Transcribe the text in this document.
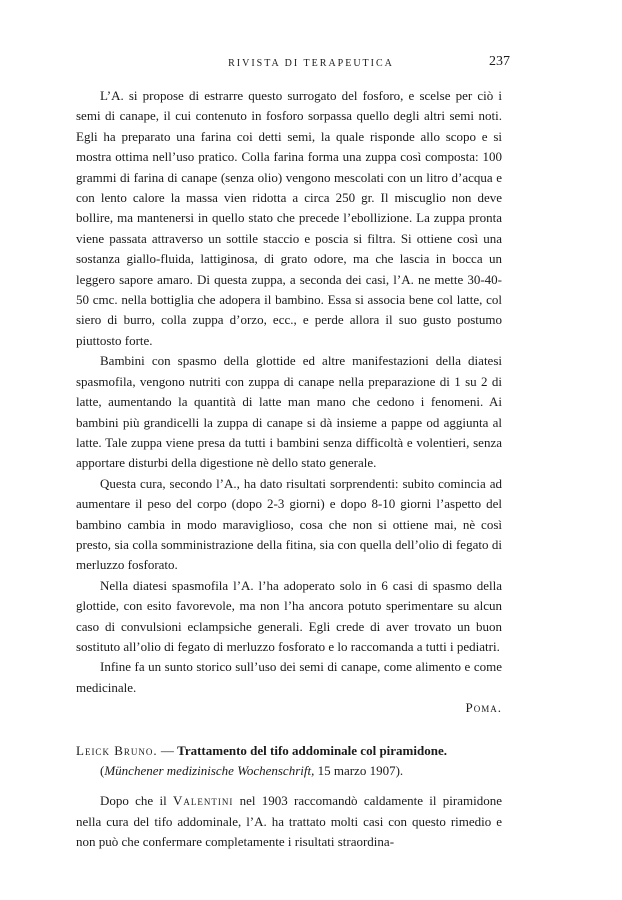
RIVISTA DI TERAPEUTICA	237

L’A. si propose di estrarre questo surrogato del fosforo, e scelse per ciò i semi di canape, il cui contenuto in fosforo sorpassa quello degli altri semi noti. Egli ha preparato una farina coi detti semi, la quale risponde allo scopo e si mostra ottima nell’uso pratico. Colla farina forma una zuppa così composta: 100 grammi di farina di canape (senza olio) vengono mescolati con un litro d’acqua e con lento calore la massa vien ridotta a circa 250 gr. Il miscuglio non deve bollire, ma mantenersi in quello stato che precede l’ebollizione. La zuppa pronta viene passata attraverso un sottile staccio e poscia si filtra. Si ottiene così una sostanza giallo-fluida, lattiginosa, di grato odore, ma che lascia in bocca un leggero sapore amaro. Di questa zuppa, a seconda dei casi, l’A. ne mette 30-40-50 cmc. nella bottiglia che adopera il bambino. Essa si associa bene col latte, col siero di burro, colla zuppa d’orzo, ecc., e perde allora il suo gusto postumo piuttosto forte.

Bambini con spasmo della glottide ed altre manifestazioni della diatesi spasmofila, vengono nutriti con zuppa di canape nella preparazione di 1 su 2 di latte, aumentando la quantità di latte man mano che cedono i fenomeni. Ai bambini più grandicelli la zuppa di canape si dà insieme a pappe od aggiunta al latte. Tale zuppa viene presa da tutti i bambini senza difficoltà e volentieri, senza apportare disturbi della digestione nè dello stato generale.

Questa cura, secondo l’A., ha dato risultati sorprendenti: subito comincia ad aumentare il peso del corpo (dopo 2-3 giorni) e dopo 8-10 giorni l’aspetto del bambino cambia in modo maraviglioso, cosa che non si ottiene mai, nè così presto, sia colla somministrazione della fitina, sia con quella dell’olio di fegato di merluzzo fosforato.

Nella diatesi spasmofila l’A. l’ha adoperato solo in 6 casi di spasmo della glottide, con esito favorevole, ma non l’ha ancora potuto sperimentare su alcun caso di convulsioni eclampsiche generali. Egli crede di aver trovato un buon sostituto all’olio di fegato di merluzzo fosforato e lo raccomanda a tutti i pediatri.

Infine fa un sunto storico sull’uso dei semi di canape, come alimento e come medicinale.
Poma.

Leick Bruno. — Trattamento del tifo addominale col piramidone.

(Münchener medizinische Wochenschrift, 15 marzo 1907).

Dopo che il Valentini nel 1903 raccomandò caldamente il piramidone nella cura del tifo addominale, l’A. ha trattato molti casi con questo rimedio e non può che confermare completamente i risultati straordina-
